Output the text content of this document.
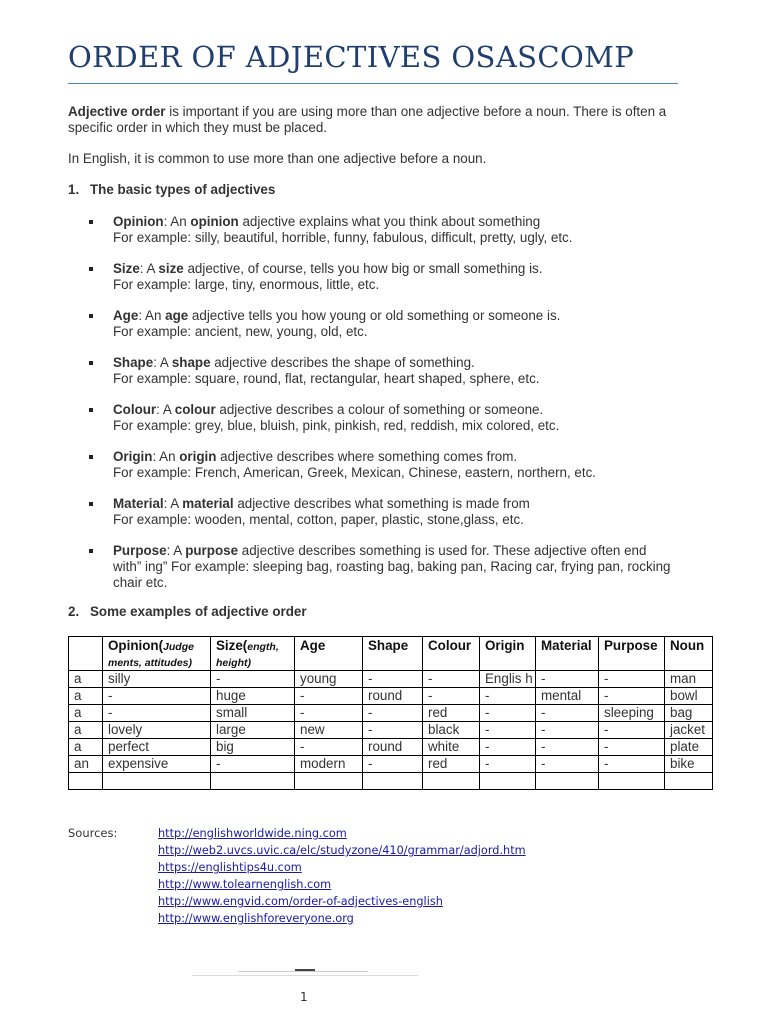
ORDER OF ADJECTIVES OSASCOMP

Adjective order is important if you are using more than one adjective before a noun. There is often a specific order in which they must be placed.

In English, it is common to use more than one adjective before a noun.

1. The basic types of adjectives

Opinion: An opinion adjective explains what you think about something
For example: silly, beautiful, horrible, funny, fabulous, difficult, pretty, ugly, etc.
Size: A size adjective, of course, tells you how big or small something is.
For example: large, tiny, enormous, little, etc.
Age: An age adjective tells you how young or old something or someone is.
For example: ancient, new, young, old, etc.
Shape: A shape adjective describes the shape of something.
For example: square, round, flat, rectangular, heart shaped, sphere, etc.
Colour: A colour adjective describes a colour of something or someone.
For example: grey, blue, bluish, pink, pinkish, red, reddish, mix colored, etc.
Origin: An origin adjective describes where something comes from.
For example: French, American, Greek, Mexican, Chinese, eastern, northern, etc.
Material: A material adjective describes what something is made from
For example: wooden, mental, cotton, paper, plastic, stone,glass, etc.
Purpose: A purpose adjective describes something is used for. These adjective often end with” ing” For example: sleeping bag, roasting bag, baking pan, Racing car, frying pan, rocking chair etc.

2. Some examples of adjective order

	Opinion(Judge ments, attitudes)	Size(ength, height)	Age	Shape	Colour	Origin	Material	Purpose	Noun
a	silly	-	young	-	-	Englis h	-	-	man
a	-	huge	-	round	-	-	mental	-	bowl
a	-	small	-	-	red	-	-	sleeping	bag
a	lovely	large	new	-	black	-	-	-	jacket
a	perfect	big	-	round	white	-	-	-	plate
an	expensive	-	modern	-	red	-	-	-	bike

Sources:	http://englishworldwide.ning.com
http://web2.uvcs.uvic.ca/elc/studyzone/410/grammar/adjord.htm
https://englishtips4u.com
http://www.tolearnenglish.com
http://www.engvid.com/order-of-adjectives-english
http://www.englishforeveryone.org
1
